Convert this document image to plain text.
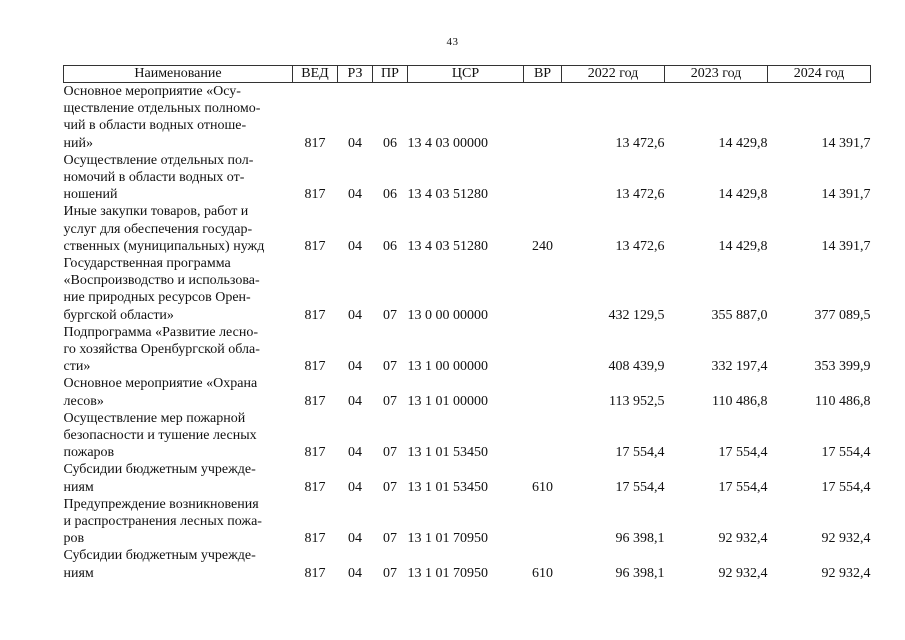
43
Наименование	ВЕД	РЗ	ПР	ЦСР	ВР	2022 год	2023 год	2024 год

Основное мероприятие «Осу-
ществление отдельных полномо-
чий в области водных отноше-
ний»	817	04	06	13 4 03 00000		13 472,6	14 429,8	14 391,7

Осуществление отдельных пол-
номочий в области водных от-
ношений	817	04	06	13 4 03 51280		13 472,6	14 429,8	14 391,7

Иные закупки товаров, работ и
услуг для обеспечения государ-
ственных (муниципальных) нужд	817	04	06	13 4 03 51280	240	13 472,6	14 429,8	14 391,7

Государственная программа
«Воспроизводство и использова-
ние природных ресурсов Орен-
бургской области»	817	04	07	13 0 00 00000		432 129,5	355 887,0	377 089,5

Подпрограмма «Развитие лесно-
го хозяйства Оренбургской обла-
сти»	817	04	07	13 1 00 00000		408 439,9	332 197,4	353 399,9

Основное мероприятие «Охрана
лесов»	817	04	07	13 1 01 00000		113 952,5	110 486,8	110 486,8

Осуществление мер пожарной
безопасности и тушение лесных
пожаров	817	04	07	13 1 01 53450		17 554,4	17 554,4	17 554,4

Субсидии бюджетным учрежде-
ниям	817	04	07	13 1 01 53450	610	17 554,4	17 554,4	17 554,4

Предупреждение возникновения
и распространения лесных пожа-
ров	817	04	07	13 1 01 70950		96 398,1	92 932,4	92 932,4

Субсидии бюджетным учрежде-
ниям	817	04	07	13 1 01 70950	610	96 398,1	92 932,4	92 932,4
